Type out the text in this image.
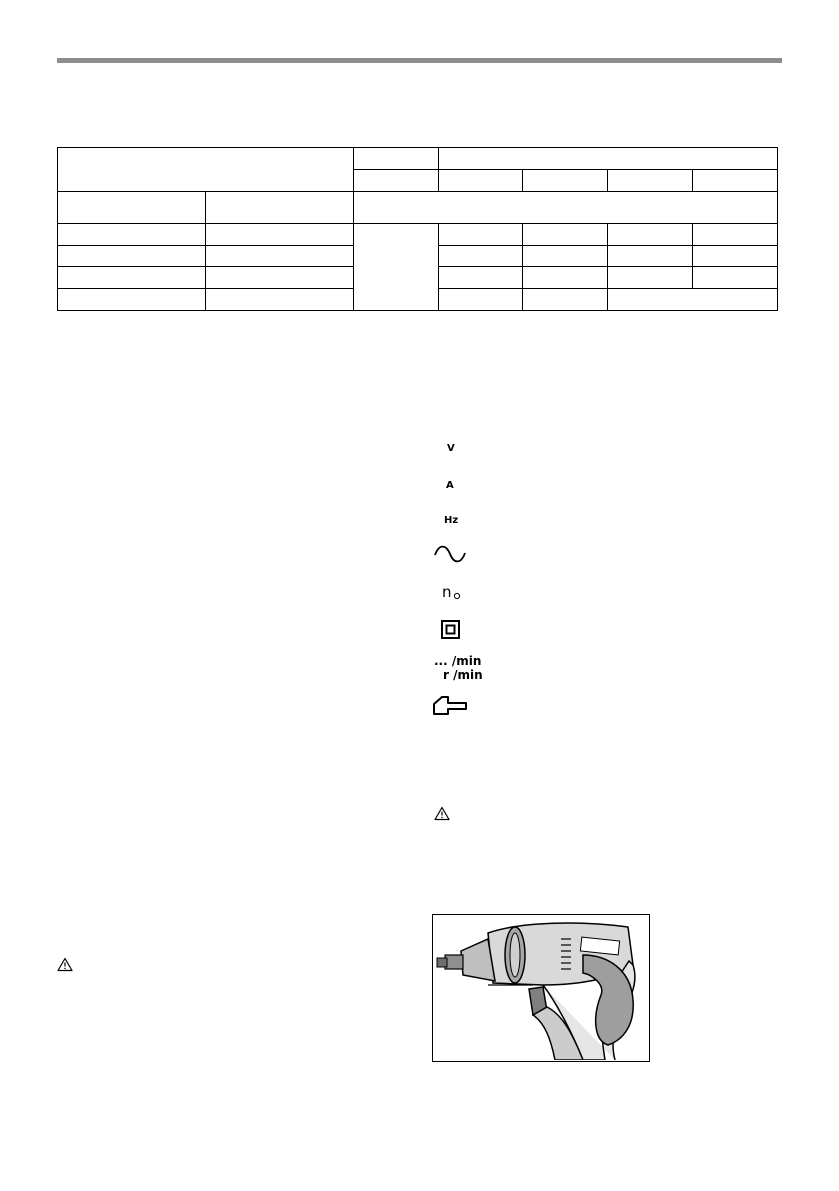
V
A
Hz
n
... /min
r /min
